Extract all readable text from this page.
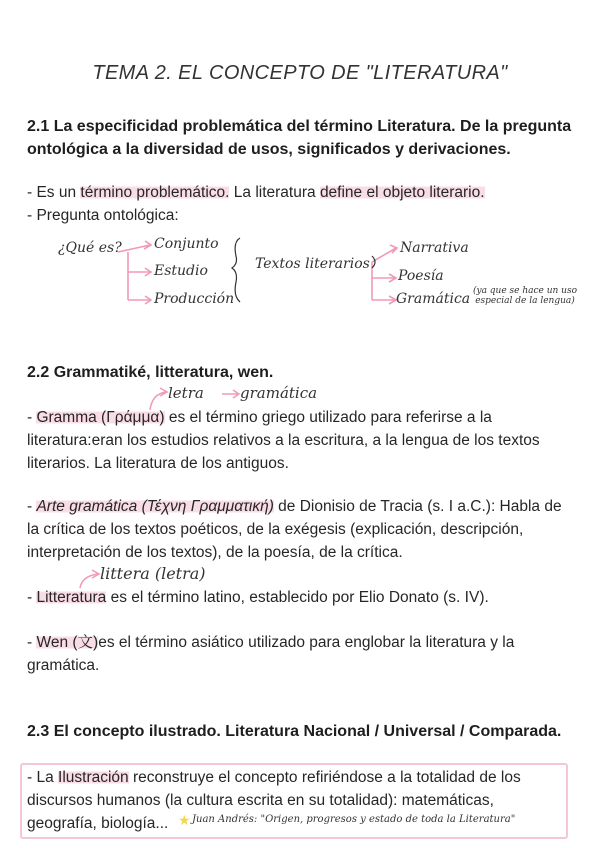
TEMA 2. EL CONCEPTO DE "LITERATURA"
2.1 La especificidad problemática del término Literatura. De la pregunta ontológica a la diversidad de usos, significados y derivaciones.
- Es un término problemático. La literatura define el objeto literario.
- Pregunta ontológica:
¿Qué es? Conjunto
Estudio
Producción
Textos literarios
Narrativa
Poesía
Gramática (ya que se hace un uso especial de la lengua)
2.2 Grammatiké, litteratura, wen.
letra gramática
- Gramma (Γράμμα) es el término griego utilizado para referirse a la literatura:eran los estudios relativos a la escritura, a la lengua de los textos literarios. La literatura de los antiguos.
- Arte gramática (Τέχνη Γραμματική) de Dionisio de Tracia (s. I a.C.): Habla de la crítica de los textos poéticos, de la exégesis (explicación, descripción, interpretación de los textos), de la poesía, de la crítica.
littera (letra)
- Litteratura es el término latino, establecido por Elio Donato (s. IV).
- Wen (文)es el término asiático utilizado para englobar la literatura y la gramática.
2.3 El concepto ilustrado. Literatura Nacional / Universal / Comparada.
- La Ilustración reconstruye el concepto refiriéndose a la totalidad de los discursos humanos (la cultura escrita en su totalidad): matemáticas, geografía, biología... ★ Juan Andrés: "Origen, progresos y estado de toda la Literatura"
